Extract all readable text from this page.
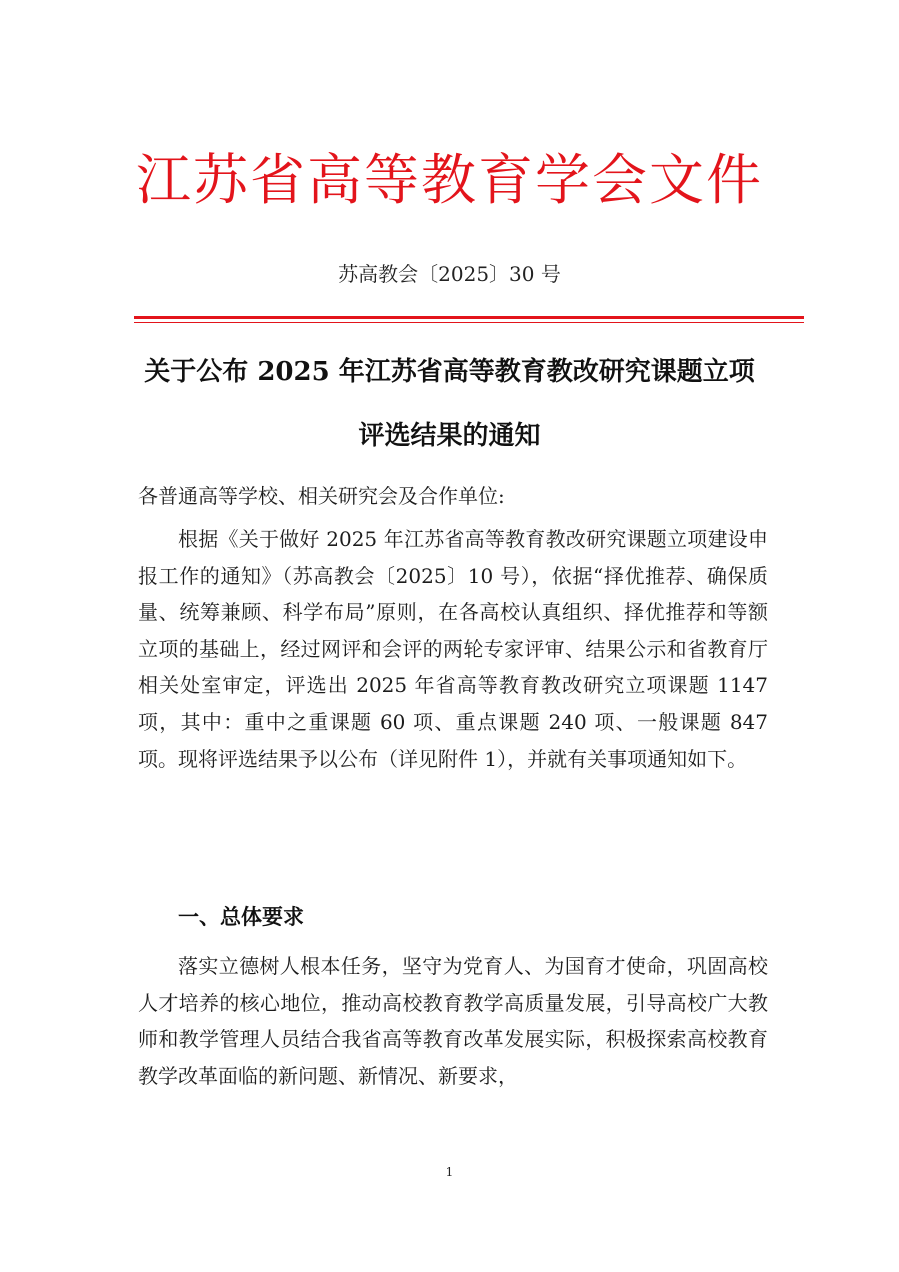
江苏省高等教育学会文件
苏高教会〔2025〕30 号
关于公布 2025 年江苏省高等教育教改研究课题立项
评选结果的通知
各普通高等学校、相关研究会及合作单位:
根据《关于做好 2025 年江苏省高等教育教改研究课题立项建设申报工作的通知》（苏高教会〔2025〕10 号），依据“择优推荐、确保质量、统筹兼顾、科学布局”原则，在各高校认真组织、择优推荐和等额立项的基础上，经过网评和会评的两轮专家评审、结果公示和省教育厅相关处室审定，评选出 2025 年省高等教育教改研究立项课题 1147 项，其中：重中之重课题 60 项、重点课题 240 项、一般课题 847 项。现将评选结果予以公布（详见附件 1），并就有关事项通知如下。
一、总体要求
落实立德树人根本任务，坚守为党育人、为国育才使命，巩固高校人才培养的核心地位，推动高校教育教学高质量发展，引导高校广大教师和教学管理人员结合我省高等教育改革发展实际，积极探索高校教育教学改革面临的新问题、新情况、新要求，
1
